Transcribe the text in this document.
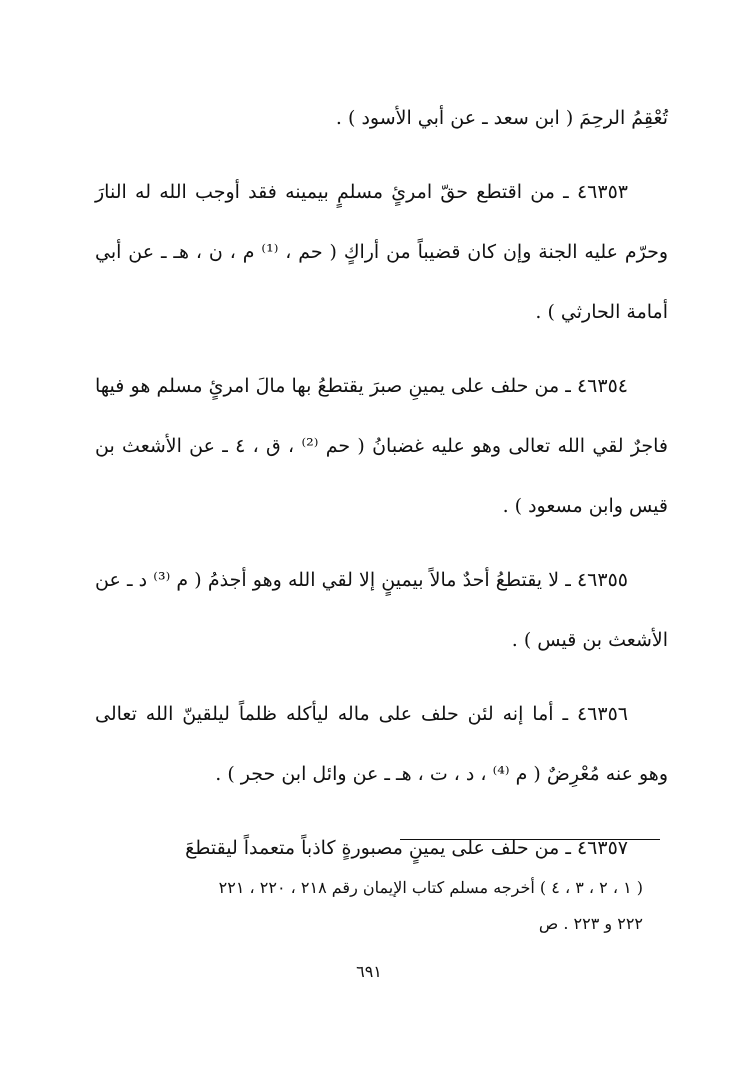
تُعْقِمُ الرحِمَ ( ابن سعد ـ عن أبي الأسود ) .

٤٦٣٥٣ ـ من اقتطع حقّ امرئٍ مسلمٍ بيمينه فقد أوجب الله له النارَ وحرّم عليه الجنة وإن كان قضيباً من أراكٍ ( حم ، ⁽¹⁾ م ، ن ، هـ ـ عن أبي أمامة الحارثي ) .

٤٦٣٥٤ ـ من حلف على يمينِ صبرَ يقتطعُ بها مالَ امرئٍ مسلم هو فيها فاجرٌ لقي الله تعالى وهو عليه غضبانُ ( حم ⁽²⁾ ، ق ، ٤ ـ عن الأشعث بن قيس وابن مسعود ) .

٤٦٣٥٥ ـ لا يقتطعُ أحدٌ مالاً بيمينٍ إلا لقي الله وهو أجذمُ ( م ⁽³⁾ د ـ عن الأشعث بن قيس ) .

٤٦٣٥٦ ـ أما إنه لئن حلف على ماله ليأكله ظلماً ليلقينّ الله تعالى وهو عنه مُعْرِضٌ ( م ⁽⁴⁾ ، د ، ت ، هـ ـ عن وائل ابن حجر ) .

٤٦٣٥٧ ـ من حلف على يمينٍ مصبورةٍ كاذباً متعمداً ليقتطعَ

( ١ ، ٢ ، ٣ ، ٤ ) أخرجه مسلم كتاب الإيمان رقم ٢١٨ ، ٢٢٠ ، ٢٢١

٢٢٢ و ٢٢٣ . ص

٦٩١
